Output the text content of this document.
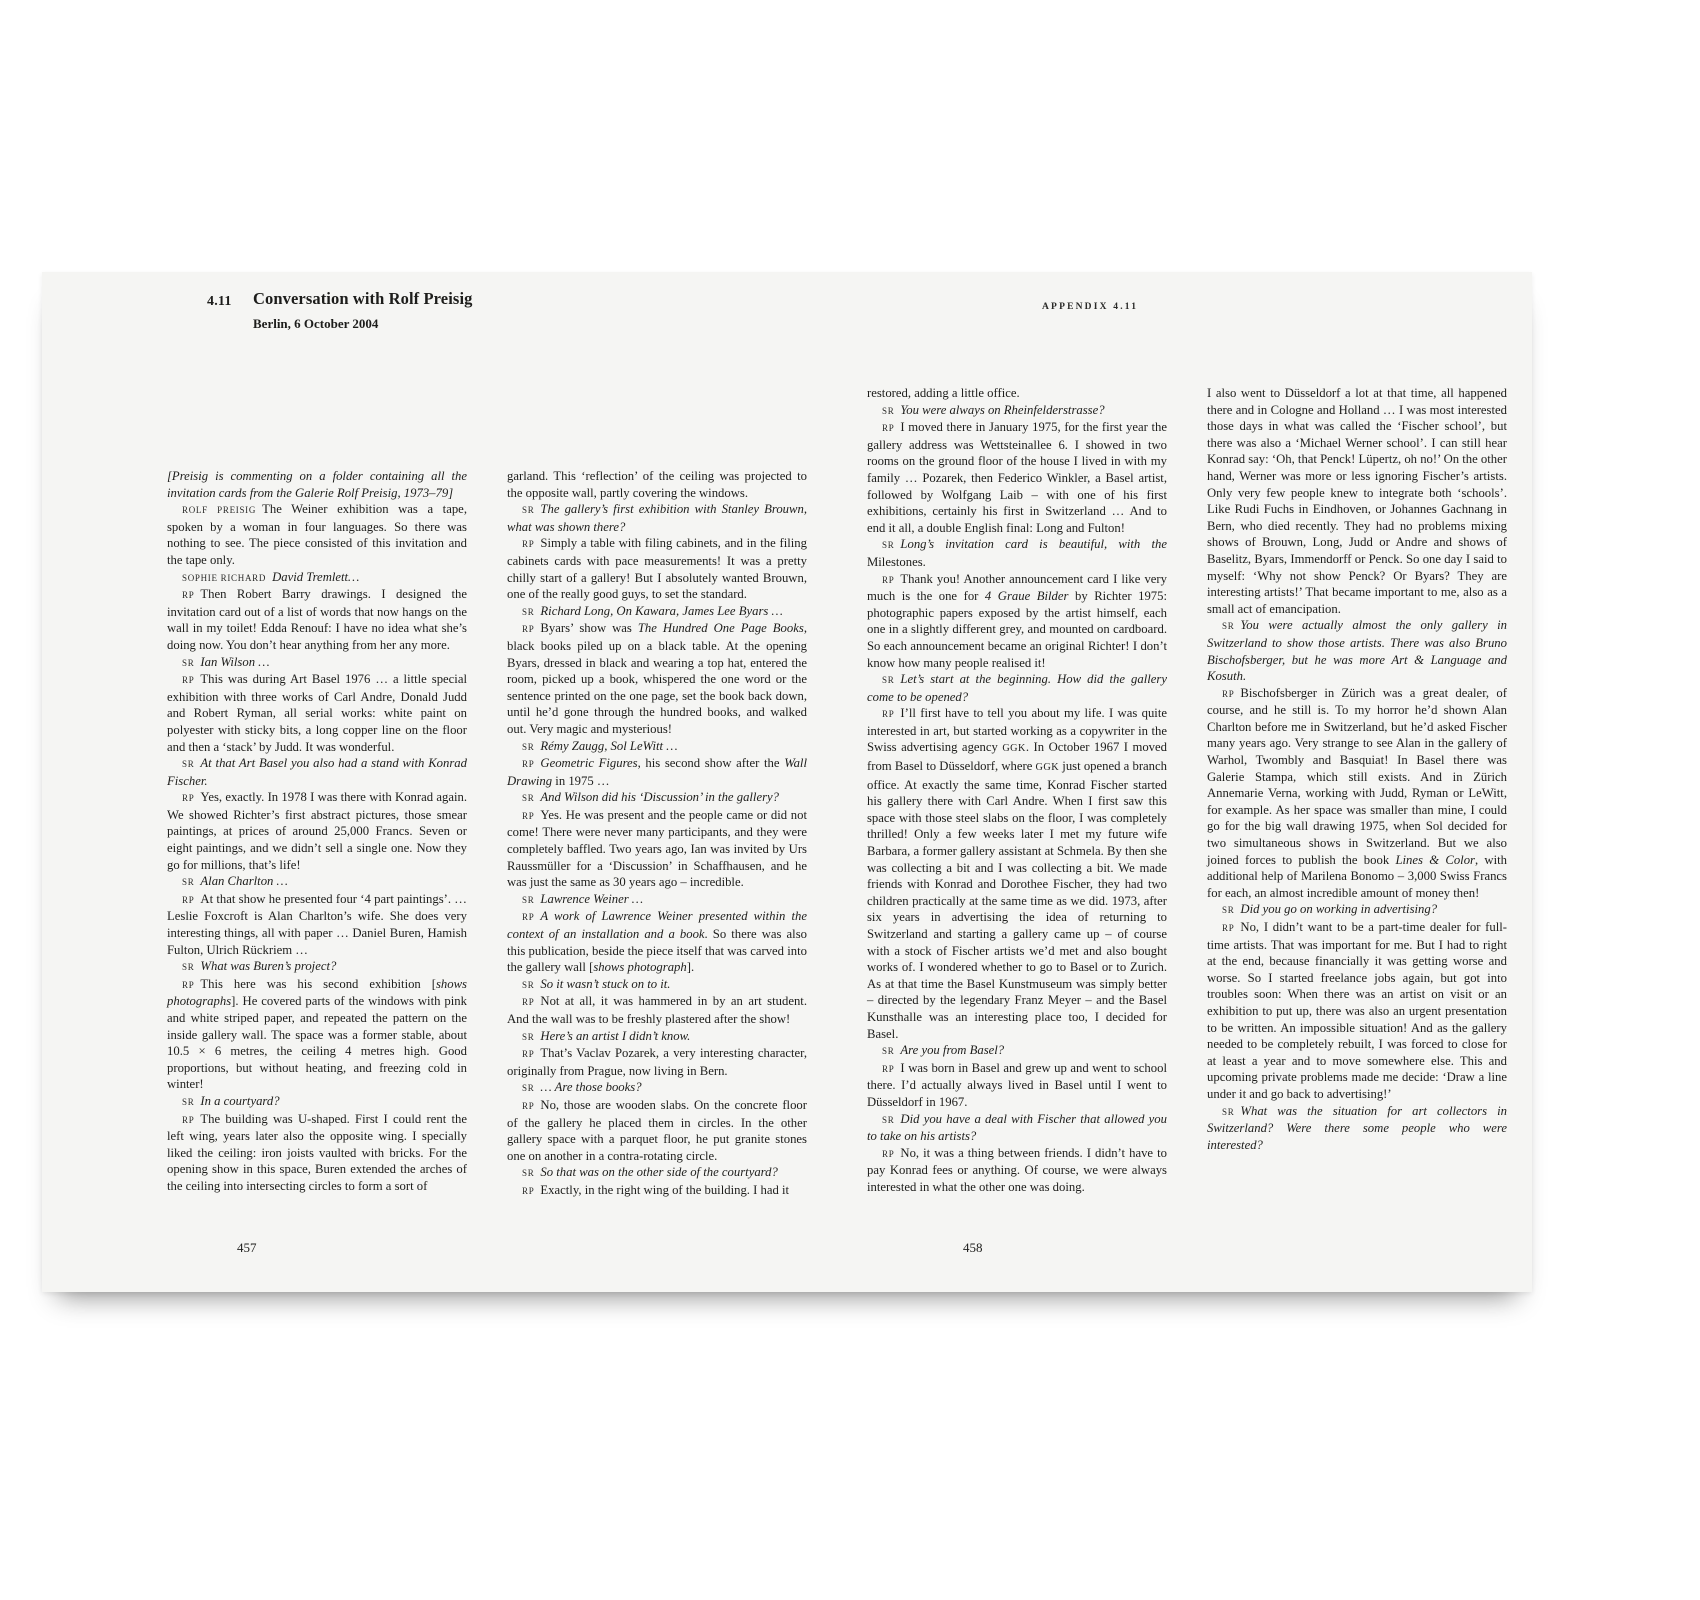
4.11 Conversation with Rolf Preisig
Berlin, 6 October 2004
APPENDIX 4.11

[Preisig is commenting on a folder containing all the invitation cards from the Galerie Rolf Preisig, 1973–79]

ROLF PREISIG The Weiner exhibition was a tape, spoken by a woman in four languages. So there was nothing to see. The piece consisted of this invitation and the tape only.

SOPHIE RICHARD David Tremlett…

RP Then Robert Barry drawings. I designed the invitation card out of a list of words that now hangs on the wall in my toilet! Edda Renouf: I have no idea what she’s doing now. You don’t hear anything from her any more.

SR Ian Wilson …

RP This was during Art Basel 1976 … a little special exhibition with three works of Carl Andre, Donald Judd and Robert Ryman, all serial works: white paint on polyester with sticky bits, a long copper line on the floor and then a ‘stack’ by Judd. It was wonderful.

SR At that Art Basel you also had a stand with Konrad Fischer.

RP Yes, exactly. In 1978 I was there with Konrad again. We showed Richter’s first abstract pictures, those smear paintings, at prices of around 25,000 Francs. Seven or eight paintings, and we didn’t sell a single one. Now they go for millions, that’s life!

SR Alan Charlton …

RP At that show he presented four ‘4 part paintings’. … Leslie Foxcroft is Alan Charlton’s wife. She does very interesting things, all with paper … Daniel Buren, Hamish Fulton, Ulrich Rückriem …

SR What was Buren’s project?

RP This here was his second exhibition [shows photographs]. He covered parts of the windows with pink and white striped paper, and repeated the pattern on the inside gallery wall. The space was a former stable, about 10.5 × 6 metres, the ceiling 4 metres high. Good proportions, but without heating, and freezing cold in winter!

SR In a courtyard?

RP The building was U-shaped. First I could rent the left wing, years later also the opposite wing. I specially liked the ceiling: iron joists vaulted with bricks. For the opening show in this space, Buren extended the arches of the ceiling into intersecting circles to form a sort of

garland. This ‘reflection’ of the ceiling was projected to the opposite wall, partly covering the windows.

SR The gallery’s first exhibition with Stanley Brouwn, what was shown there?

RP Simply a table with filing cabinets, and in the filing cabinets cards with pace measurements! It was a pretty chilly start of a gallery! But I absolutely wanted Brouwn, one of the really good guys, to set the standard.

SR Richard Long, On Kawara, James Lee Byars …

RP Byars’ show was The Hundred One Page Books, black books piled up on a black table. At the opening Byars, dressed in black and wearing a top hat, entered the room, picked up a book, whispered the one word or the sentence printed on the one page, set the book back down, until he’d gone through the hundred books, and walked out. Very magic and mysterious!

SR Rémy Zaugg, Sol LeWitt …

RP Geometric Figures, his second show after the Wall Drawing in 1975 …

SR And Wilson did his ‘Discussion’ in the gallery?

RP Yes. He was present and the people came or did not come! There were never many participants, and they were completely baffled. Two years ago, Ian was invited by Urs Raussmüller for a ‘Discussion’ in Schaffhausen, and he was just the same as 30 years ago – incredible.

SR Lawrence Weiner …

RP A work of Lawrence Weiner presented within the context of an installation and a book. So there was also this publication, beside the piece itself that was carved into the gallery wall [shows photograph].

SR So it wasn’t stuck on to it.

RP Not at all, it was hammered in by an art student. And the wall was to be freshly plastered after the show!

SR Here’s an artist I didn’t know.

RP That’s Vaclav Pozarek, a very interesting character, originally from Prague, now living in Bern.

SR … Are those books?

RP No, those are wooden slabs. On the concrete floor of the gallery he placed them in circles. In the other gallery space with a parquet floor, he put granite stones one on another in a contra-rotating circle.

SR So that was on the other side of the courtyard?

RP Exactly, in the right wing of the building. I had it

restored, adding a little office.

SR You were always on Rheinfelderstrasse?

RP I moved there in January 1975, for the first year the gallery address was Wettsteinallee 6. I showed in two rooms on the ground floor of the house I lived in with my family … Pozarek, then Federico Winkler, a Basel artist, followed by Wolfgang Laib – with one of his first exhibitions, certainly his first in Switzerland … And to end it all, a double English final: Long and Fulton!

SR Long’s invitation card is beautiful, with the Milestones.

RP Thank you! Another announcement card I like very much is the one for 4 Graue Bilder by Richter 1975: photographic papers exposed by the artist himself, each one in a slightly different grey, and mounted on cardboard. So each announcement became an original Richter! I don’t know how many people realised it!

SR Let’s start at the beginning. How did the gallery come to be opened?

RP I’ll first have to tell you about my life. I was quite interested in art, but started working as a copywriter in the Swiss advertising agency GGK. In October 1967 I moved from Basel to Düsseldorf, where GGK just opened a branch office. At exactly the same time, Konrad Fischer started his gallery there with Carl Andre. When I first saw this space with those steel slabs on the floor, I was completely thrilled! Only a few weeks later I met my future wife Barbara, a former gallery assistant at Schmela. By then she was collecting a bit and I was collecting a bit. We made friends with Konrad and Dorothee Fischer, they had two children practically at the same time as we did. 1973, after six years in advertising the idea of returning to Switzerland and starting a gallery came up – of course with a stock of Fischer artists we’d met and also bought works of. I wondered whether to go to Basel or to Zurich. As at that time the Basel Kunstmuseum was simply better – directed by the legendary Franz Meyer – and the Basel Kunsthalle was an interesting place too, I decided for Basel.

SR Are you from Basel?

RP I was born in Basel and grew up and went to school there. I’d actually always lived in Basel until I went to Düsseldorf in 1967.

SR Did you have a deal with Fischer that allowed you to take on his artists?

RP No, it was a thing between friends. I didn’t have to pay Konrad fees or anything. Of course, we were always interested in what the other one was doing.

I also went to Düsseldorf a lot at that time, all happened there and in Cologne and Holland … I was most interested those days in what was called the ‘Fischer school’, but there was also a ‘Michael Werner school’. I can still hear Konrad say: ‘Oh, that Penck! Lüpertz, oh no!’ On the other hand, Werner was more or less ignoring Fischer’s artists. Only very few people knew to integrate both ‘schools’. Like Rudi Fuchs in Eindhoven, or Johannes Gachnang in Bern, who died recently. They had no problems mixing shows of Brouwn, Long, Judd or Andre and shows of Baselitz, Byars, Immendorff or Penck. So one day I said to myself: ‘Why not show Penck? Or Byars? They are interesting artists!’ That became important to me, also as a small act of emancipation.

SR You were actually almost the only gallery in Switzerland to show those artists. There was also Bruno Bischofsberger, but he was more Art & Language and Kosuth.

RP Bischofsberger in Zürich was a great dealer, of course, and he still is. To my horror he’d shown Alan Charlton before me in Switzerland, but he’d asked Fischer many years ago. Very strange to see Alan in the gallery of Warhol, Twombly and Basquiat! In Basel there was Galerie Stampa, which still exists. And in Zürich Annemarie Verna, working with Judd, Ryman or LeWitt, for example. As her space was smaller than mine, I could go for the big wall drawing 1975, when Sol decided for two simultaneous shows in Switzerland. But we also joined forces to publish the book Lines & Color, with additional help of Marilena Bonomo – 3,000 Swiss Francs for each, an almost incredible amount of money then!

SR Did you go on working in advertising?

RP No, I didn’t want to be a part-time dealer for full-time artists. That was important for me. But I had to right at the end, because financially it was getting worse and worse. So I started freelance jobs again, but got into troubles soon: When there was an artist on visit or an exhibition to put up, there was also an urgent presentation to be written. An impossible situation! And as the gallery needed to be completely rebuilt, I was forced to close for at least a year and to move somewhere else. This and upcoming private problems made me decide: ‘Draw a line under it and go back to advertising!’

SR What was the situation for art collectors in Switzerland? Were there some people who were interested?

457	458
